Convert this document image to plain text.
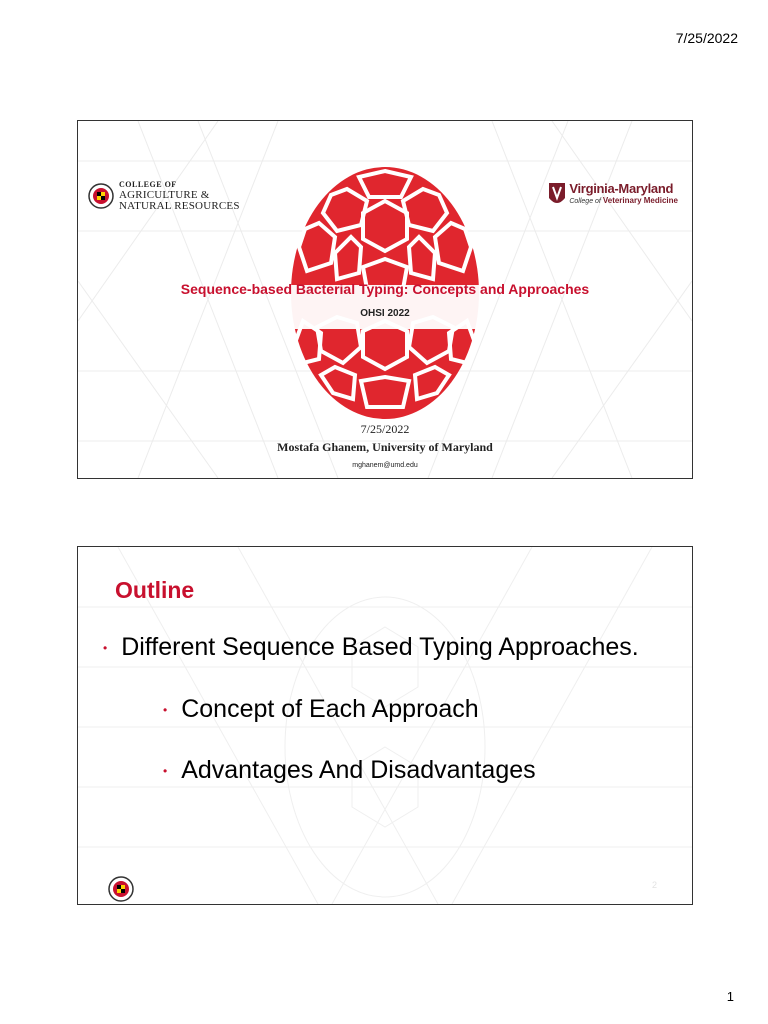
7/25/2022
COLLEGE OF
AGRICULTURE &
NATURAL RESOURCES
Virginia-Maryland
College of Veterinary Medicine
Sequence-based Bacterial Typing: Concepts and Approaches
OHSI 2022
7/25/2022
Mostafa Ghanem, University of Maryland
mghanem@umd.edu
Outline
• Different Sequence Based Typing Approaches.
• Concept of Each Approach
• Advantages And Disadvantages
2
1
